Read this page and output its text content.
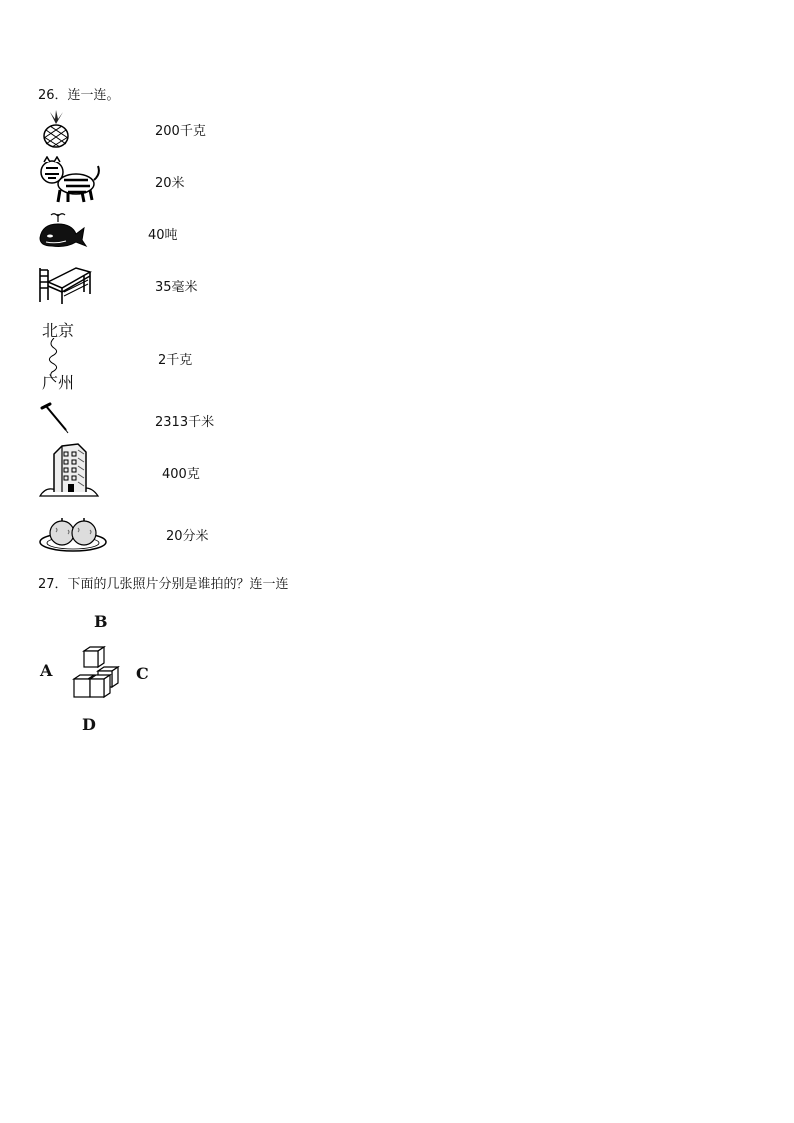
26．连一连。
200千克
20米
40吨
35毫米
北京
广州
2千克
2313千米
400克
20分米
27．下面的几张照片分别是谁拍的？连一连
B
A	C
D
